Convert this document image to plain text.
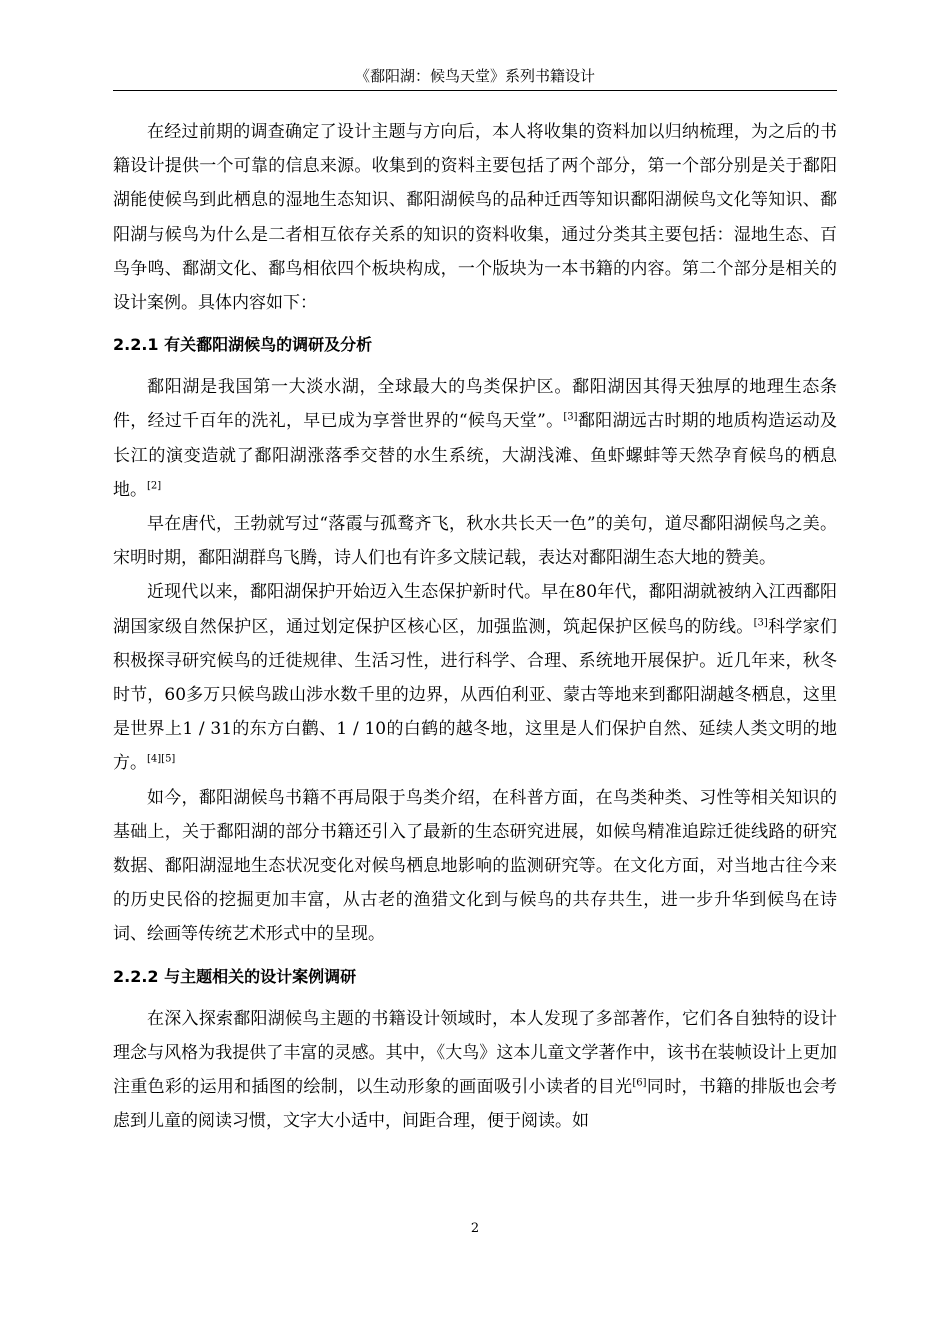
《鄱阳湖：候鸟天堂》系列书籍设计

在经过前期的调查确定了设计主题与方向后，本人将收集的资料加以归纳梳理，为之后的书籍设计提供一个可靠的信息来源。收集到的资料主要包括了两个部分，第一个部分别是关于鄱阳湖能使候鸟到此栖息的湿地生态知识、鄱阳湖候鸟的品种迁西等知识鄱阳湖候鸟文化等知识、鄱阳湖与候鸟为什么是二者相互依存关系的知识的资料收集，通过分类其主要包括：湿地生态、百鸟争鸣、鄱湖文化、鄱鸟相依四个板块构成，一个版块为一本书籍的内容。第二个部分是相关的设计案例。具体内容如下：

2.2.1 有关鄱阳湖候鸟的调研及分析

鄱阳湖是我国第一大淡水湖，全球最大的鸟类保护区。鄱阳湖因其得天独厚的地理生态条件，经过千百年的洗礼，早已成为享誉世界的“候鸟天堂”。[3]鄱阳湖远古时期的地质构造运动及长江的演变造就了鄱阳湖涨落季交替的水生系统，大湖浅滩、鱼虾螺蚌等天然孕育候鸟的栖息地。[2]

早在唐代，王勃就写过“落霞与孤鹜齐飞，秋水共长天一色”的美句，道尽鄱阳湖候鸟之美。宋明时期，鄱阳湖群鸟飞腾，诗人们也有许多文牍记载，表达对鄱阳湖生态大地的赞美。

近现代以来，鄱阳湖保护开始迈入生态保护新时代。早在80年代，鄱阳湖就被纳入江西鄱阳湖国家级自然保护区，通过划定保护区核心区，加强监测，筑起保护区候鸟的防线。[3]科学家们积极探寻研究候鸟的迁徙规律、生活习性，进行科学、合理、系统地开展保护。近几年来，秋冬时节，60多万只候鸟跋山涉水数千里的边界，从西伯利亚、蒙古等地来到鄱阳湖越冬栖息，这里是世界上1 / 31的东方白鹳、1 / 10的白鹤的越冬地，这里是人们保护自然、延续人类文明的地方。[4][5]

如今，鄱阳湖候鸟书籍不再局限于鸟类介绍，在科普方面，在鸟类种类、习性等相关知识的基础上，关于鄱阳湖的部分书籍还引入了最新的生态研究进展，如候鸟精准追踪迁徙线路的研究数据、鄱阳湖湿地生态状况变化对候鸟栖息地影响的监测研究等。在文化方面，对当地古往今来的历史民俗的挖掘更加丰富，从古老的渔猎文化到与候鸟的共存共生，进一步升华到候鸟在诗词、绘画等传统艺术形式中的呈现。

2.2.2 与主题相关的设计案例调研

在深入探索鄱阳湖候鸟主题的书籍设计领域时，本人发现了多部著作，它们各自独特的设计理念与风格为我提供了丰富的灵感。其中，《大鸟》这本儿童文学著作中，该书在装帧设计上更加注重色彩的运用和插图的绘制，以生动形象的画面吸引小读者的目光[6]同时，书籍的排版也会考虑到儿童的阅读习惯，文字大小适中，间距合理，便于阅读。如

2
